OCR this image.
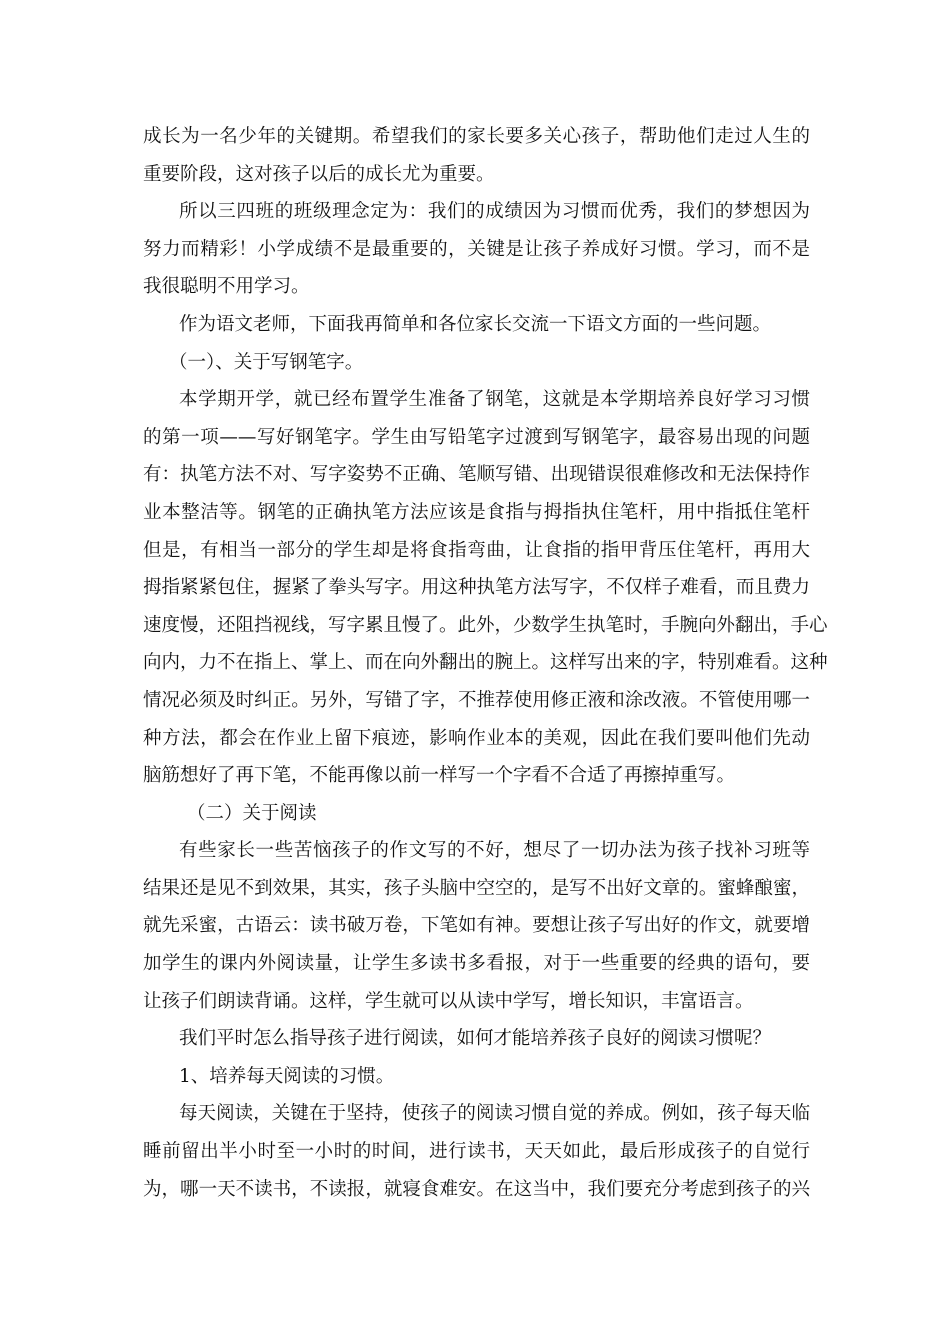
成长为一名少年的关键期。希望我们的家长要多关心孩子，帮助他们走过人生的
重要阶段，这对孩子以后的成长尤为重要。
所以三四班的班级理念定为：我们的成绩因为习惯而优秀，我们的梦想因为
努力而精彩！小学成绩不是最重要的，关键是让孩子养成好习惯。学习，而不是
我很聪明不用学习。
作为语文老师，下面我再简单和各位家长交流一下语文方面的一些问题。
（一）、关于写钢笔字。
本学期开学，就已经布置学生准备了钢笔，这就是本学期培养良好学习习惯
的第一项——写好钢笔字。学生由写铅笔字过渡到写钢笔字，最容易出现的问题
有：执笔方法不对、写字姿势不正确、笔顺写错、出现错误很难修改和无法保持作
业本整洁等。钢笔的正确执笔方法应该是食指与拇指执住笔杆，用中指抵住笔杆
但是，有相当一部分的学生却是将食指弯曲，让食指的指甲背压住笔杆，再用大
拇指紧紧包住，握紧了拳头写字。用这种执笔方法写字，不仅样子难看，而且费力
速度慢，还阻挡视线，写字累且慢了。此外，少数学生执笔时，手腕向外翻出，手心
向内，力不在指上、掌上、而在向外翻出的腕上。这样写出来的字，特别难看。这种
情况必须及时纠正。另外，写错了字，不推荐使用修正液和涂改液。不管使用哪一
种方法，都会在作业上留下痕迹，影响作业本的美观，因此在我们要叫他们先动
脑筋想好了再下笔，不能再像以前一样写一个字看不合适了再擦掉重写。
（二）关于阅读
有些家长一些苦恼孩子的作文写的不好，想尽了一切办法为孩子找补习班等
结果还是见不到效果，其实，孩子头脑中空空的，是写不出好文章的。蜜蜂酿蜜，
就先采蜜，古语云：读书破万卷，下笔如有神。要想让孩子写出好的作文，就要增
加学生的课内外阅读量，让学生多读书多看报，对于一些重要的经典的语句，要
让孩子们朗读背诵。这样，学生就可以从读中学写，增长知识，丰富语言。
我们平时怎么指导孩子进行阅读，如何才能培养孩子良好的阅读习惯呢？
1、培养每天阅读的习惯。
每天阅读，关键在于坚持，使孩子的阅读习惯自觉的养成。例如，孩子每天临
睡前留出半小时至一小时的时间，进行读书，天天如此，最后形成孩子的自觉行
为，哪一天不读书，不读报，就寝食难安。在这当中，我们要充分考虑到孩子的兴
